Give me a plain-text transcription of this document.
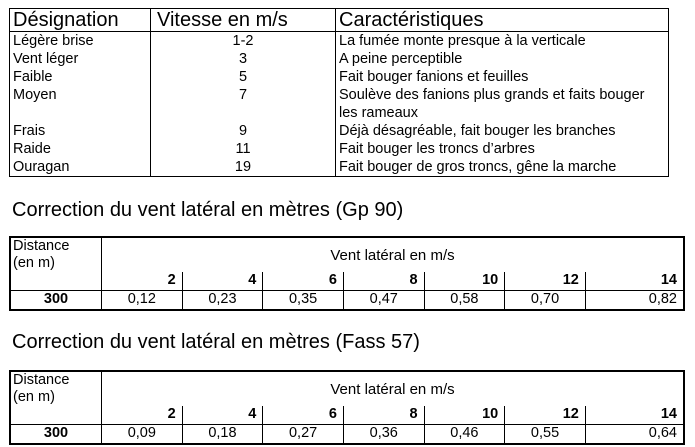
Désignation	Vitesse en m/s	Caractéristiques
Légère brise	1-2	La fumée monte presque à la verticale
Vent léger	3	A peine perceptible
Faible	5	Fait bouger fanions et feuilles
Moyen	7	Soulève des fanions plus grands et faits bouger
les rameaux
Frais	9	Déjà désagréable, fait bouger les branches
Raide	11	Fait bouger les troncs d’arbres
Ouragan	19	Fait bouger de gros troncs, gêne la marche
Correction du vent latéral en mètres (Gp 90)
Distance
(en m)	Vent latéral en m/s						
	2	4	6	8	10	12	14
300	0,12	0,23	0,35	0,47	0,58	0,70	0,82
Correction du vent latéral en mètres (Fass 57)
Distance
(en m)	Vent latéral en m/s						
	2	4	6	8	10	12	14
300	0,09	0,18	0,27	0,36	0,46	0,55	0,64
